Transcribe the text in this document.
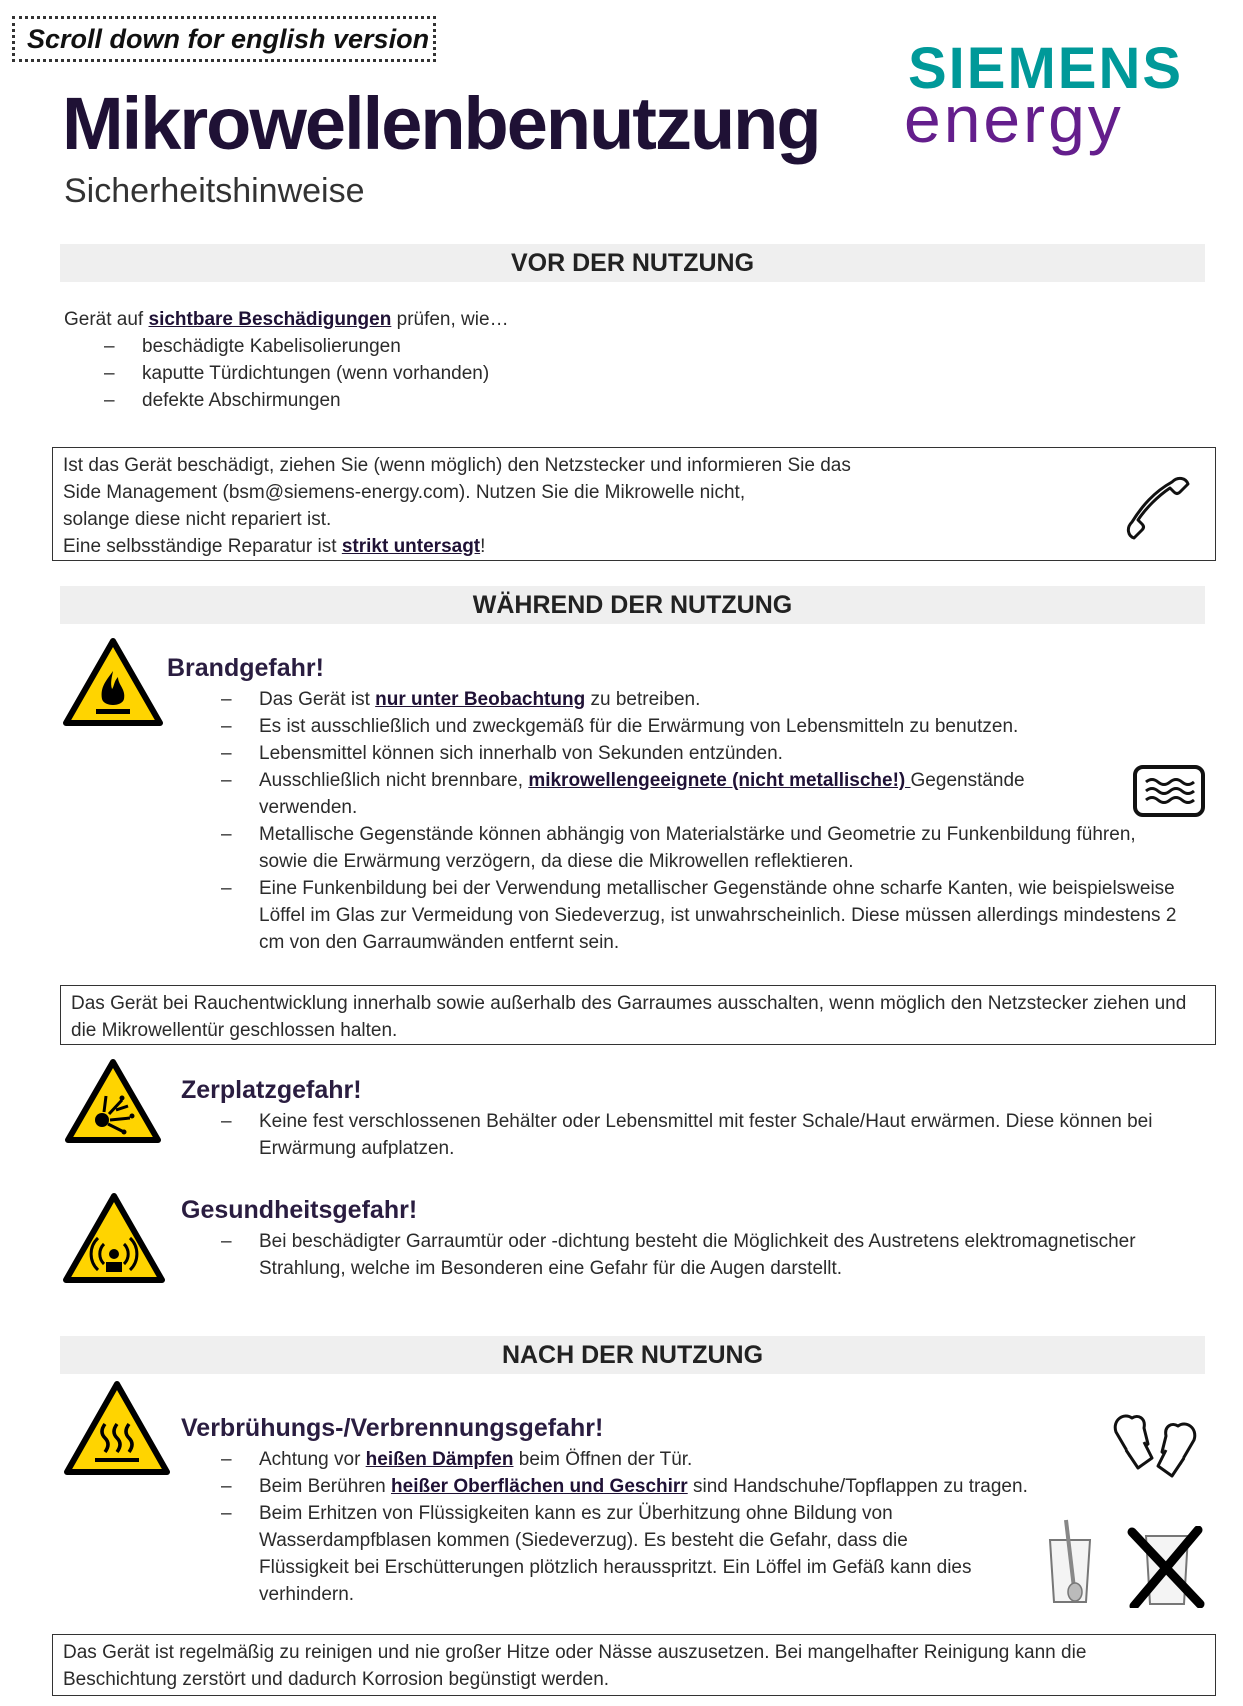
Scroll down for english version	SIEMENS
energy
Mikrowellenbenutzung
Sicherheitshinweise
VOR DER NUTZUNG
Gerät auf sichtbare Beschädigungen prüfen, wie…
– beschädigte Kabelisolierungen
– kaputte Türdichtungen (wenn vorhanden)
– defekte Abschirmungen
Ist das Gerät beschädigt, ziehen Sie (wenn möglich) den Netzstecker und informieren Sie das
Side Management (bsm@siemens-energy.com). Nutzen Sie die Mikrowelle nicht,
solange diese nicht repariert ist.
Eine selbsständige Reparatur ist strikt untersagt!
WÄHREND DER NUTZUNG
Brandgefahr!
– Das Gerät ist nur unter Beobachtung zu betreiben.
– Es ist ausschließlich und zweckgemäß für die Erwärmung von Lebensmitteln zu benutzen.
– Lebensmittel können sich innerhalb von Sekunden entzünden.
– Ausschließlich nicht brennbare, mikrowellengeeignete (nicht metallische!) Gegenstände verwenden.
– Metallische Gegenstände können abhängig von Materialstärke und Geometrie zu Funkenbildung führen, sowie die Erwärmung verzögern, da diese die Mikrowellen reflektieren.
– Eine Funkenbildung bei der Verwendung metallischer Gegenstände ohne scharfe Kanten, wie beispielsweise Löffel im Glas zur Vermeidung von Siedeverzug, ist unwahrscheinlich. Diese müssen allerdings mindestens 2 cm von den Garraumwänden entfernt sein.
Das Gerät bei Rauchentwicklung innerhalb sowie außerhalb des Garraumes ausschalten, wenn möglich den Netzstecker ziehen und die Mikrowellentür geschlossen halten.
Zerplatzgefahr!
– Keine fest verschlossenen Behälter oder Lebensmittel mit fester Schale/Haut erwärmen. Diese können bei Erwärmung aufplatzen.
Gesundheitsgefahr!
– Bei beschädigter Garraumtür oder -dichtung besteht die Möglichkeit des Austretens elektromagnetischer Strahlung, welche im Besonderen eine Gefahr für die Augen darstellt.
NACH DER NUTZUNG
Verbrühungs-/Verbrennungsgefahr!
– Achtung vor heißen Dämpfen beim Öffnen der Tür.
– Beim Berühren heißer Oberflächen und Geschirr sind Handschuhe/Topflappen zu tragen.
– Beim Erhitzen von Flüssigkeiten kann es zur Überhitzung ohne Bildung von Wasserdampfblasen kommen (Siedeverzug). Es besteht die Gefahr, dass die Flüssigkeit bei Erschütterungen plötzlich herausspritzt. Ein Löffel im Gefäß kann dies verhindern.
Das Gerät ist regelmäßig zu reinigen und nie großer Hitze oder Nässe auszusetzen. Bei mangelhafter Reinigung kann die Beschichtung zerstört und dadurch Korrosion begünstigt werden.
